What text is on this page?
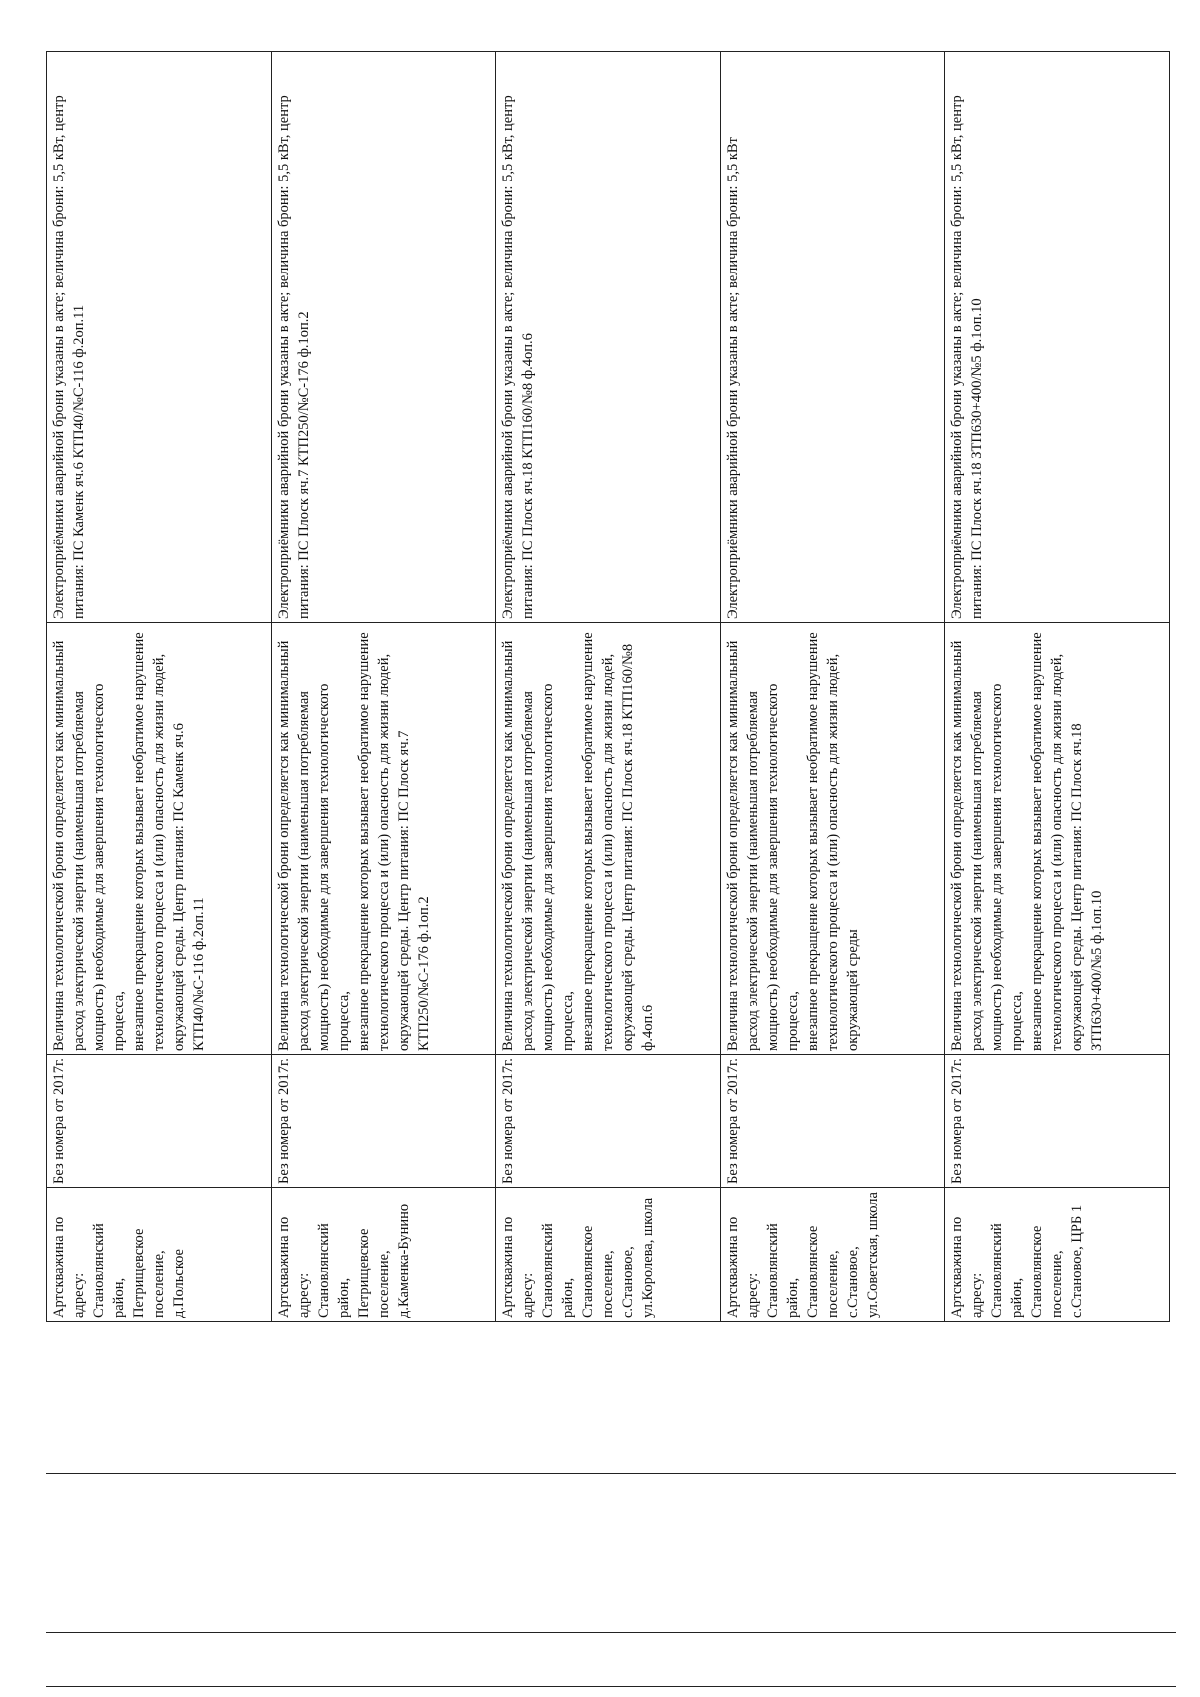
Артскважина по адресу: Становлянский район, Петрищевское поселение, д.Польское	Без номера от 2017г.	Величина технологической брони определяется как минимальный расход электрической энергии (наименьшая потребляемая мощность) необходимые для завершения технологического процесса,
внезапное прекращение которых вызывает необратимое нарушение технологического процесса и (или) опасность для жизни людей, окружающей среды. Центр питания: ПС Каменк яч.6 КТП40/№С-116 ф.2оп.11	Электроприёмники аварийной брони указаны в акте; величина брони: 5,5 кВт, центр питания: ПС Каменк яч.6 КТП40/№С-116 ф.2оп.11
Артскважина по адресу: Становлянский район, Петрищевское поселение, д.Каменка-Бунино	Без номера от 2017г.	Величина технологической брони определяется как минимальный расход электрической энергии (наименьшая потребляемая мощность) необходимые для завершения технологического процесса,
внезапное прекращение которых вызывает необратимое нарушение технологического процесса и (или) опасность для жизни людей, окружающей среды. Центр питания: ПС Плоск яч.7 КТП250/№С-176 ф.1оп.2	Электроприёмники аварийной брони указаны в акте; величина брони: 5,5 кВт, центр питания: ПС Плоск яч.7 КТП250/№С-176 ф.1оп.2
Артскважина по адресу: Становлянский район, Становлянское поселение, с.Становое, ул.Королева, школа	Без номера от 2017г.	Величина технологической брони определяется как минимальный расход электрической энергии (наименьшая потребляемая мощность) необходимые для завершения технологического процесса,
внезапное прекращение которых вызывает необратимое нарушение технологического процесса и (или) опасность для жизни людей, окружающей среды. Центр питания: ПС Плоск яч.18 КТП160/№8 ф.4оп.6	Электроприёмники аварийной брони указаны в акте; величина брони: 5,5 кВт, центр питания: ПС Плоск яч.18 КТП160/№8 ф.4оп.6
Артскважина по адресу: Становлянский район, Становлянское поселение, с.Становое, ул.Советская, школа	Без номера от 2017г.	Величина технологической брони определяется как минимальный расход электрической энергии (наименьшая потребляемая мощность) необходимые для завершения технологического процесса,
внезапное прекращение которых вызывает необратимое нарушение технологического процесса и (или) опасность для жизни людей, окружающей среды	Электроприёмники аварийной брони указаны в акте; величина брони: 5,5 кВт
Артскважина по адресу: Становлянский район, Становлянское поселение, с.Становое, ЦРБ 1	Без номера от 2017г.	Величина технологической брони определяется как минимальный расход электрической энергии (наименьшая потребляемая мощность) необходимые для завершения технологического процесса,
внезапное прекращение которых вызывает необратимое нарушение технологического процесса и (или) опасность для жизни людей, окружающей среды. Центр питания: ПС Плоск яч.18 ЗТП630+400/№5 ф.1оп.10	Электроприёмники аварийной брони указаны в акте; величина брони: 5,5 кВт, центр питания: ПС Плоск яч.18 ЗТП630+400/№5 ф.1оп.10
